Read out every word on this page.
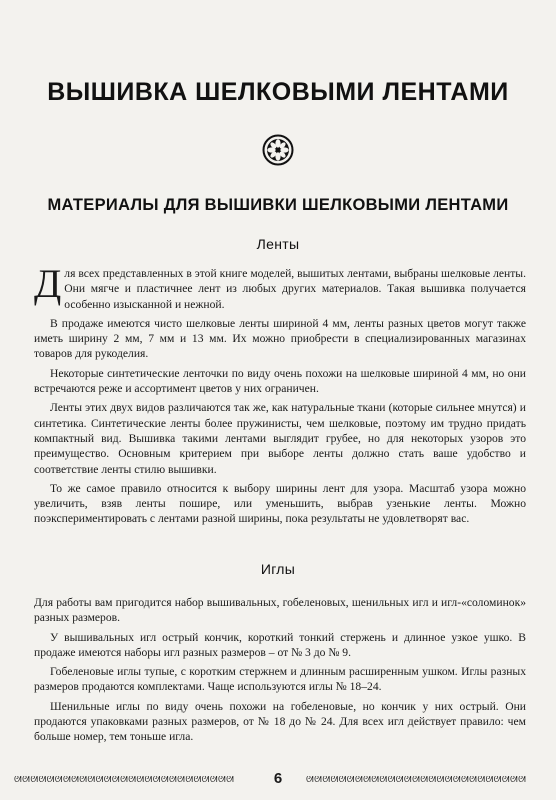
ВЫШИВКА ШЕЛКОВЫМИ ЛЕНТАМИ
МАТЕРИАЛЫ ДЛЯ ВЫШИВКИ ШЕЛКОВЫМИ ЛЕНТАМИ
Ленты

Для всех представленных в этой книге моделей, вышитых лентами, выбраны шелковые ленты. Они мягче и пластичнее лент из любых других материалов. Такая вышивка получается особенно изысканной и нежной.

В продаже имеются чисто шелковые ленты шириной 4 мм, ленты разных цветов могут также иметь ширину 2 мм, 7 мм и 13 мм. Их можно приобрести в специализированных магазинах товаров для рукоделия.

Некоторые синтетические ленточки по виду очень похожи на шелковые шириной 4 мм, но они встречаются реже и ассортимент цветов у них ограничен.

Ленты этих двух видов различаются так же, как натуральные ткани (которые сильнее мнутся) и синтетика. Синтетические ленты более пружинисты, чем шелковые, поэтому им трудно придать компактный вид. Вышивка такими лентами выглядит грубее, но для некоторых узоров это преимущество. Основным критерием при выборе ленты должно стать ваше удобство и соответствие ленты стилю вышивки.

То же самое правило относится к выбору ширины лент для узора. Масштаб узора можно увеличить, взяв ленты пошире, или уменьшить, выбрав узенькие ленты. Можно поэкспериментировать с лентами разной ширины, пока результаты не удовлетворят вас.

Иглы

Для работы вам пригодится набор вышивальных, гобеленовых, шенильных игл и игл-«соломинок» разных размеров.

У вышивальных игл острый кончик, короткий тонкий стержень и длинное узкое ушко. В продаже имеются наборы игл разных размеров – от № 3 до № 9.

Гобеленовые иглы тупые, с коротким стержнем и длинным расширенным ушком. Иглы разных размеров продаются комплектами. Чаще используются иглы № 18–24.

Шенильные иглы по виду очень похожи на гобеленовые, но кончик у них острый. Они продаются упаковками разных размеров, от № 18 до № 24. Для всех игл действует правило: чем больше номер, тем тоньше игла.

ᘛᘛᘛᘛᘛᘛᘛᘛᘛᘛᘛᘛᘛᘛᘛᘛᘛᘛᘛᘛᘛᘛᘛᘛᘛᘛᘛ	6	ᘛᘛᘛᘛᘛᘛᘛᘛᘛᘛᘛᘛᘛᘛᘛᘛᘛᘛᘛᘛᘛᘛᘛᘛᘛᘛᘛ
